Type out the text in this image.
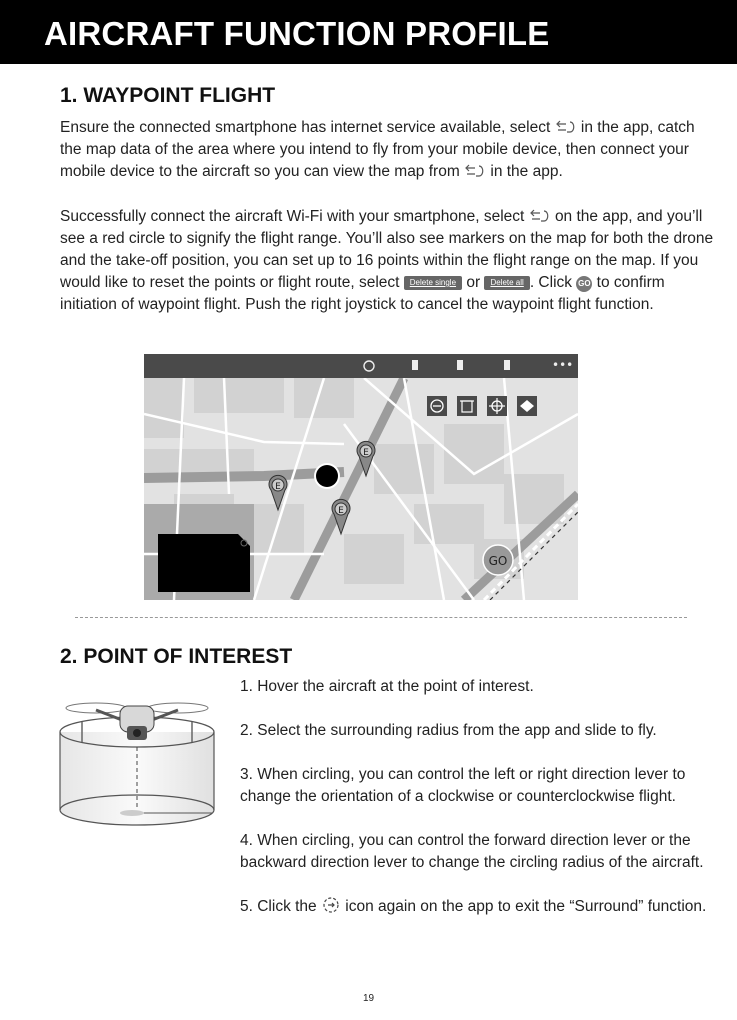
AIRCRAFT FUNCTION PROFILE
1. WAYPOINT FLIGHT

Ensure the connected smartphone has internet service available, select in the app, catch the map data of the area where you intend to fly from your mobile device, then connect your mobile device to the aircraft so you can view the map from in the app.

Successfully connect the aircraft Wi-Fi with your smartphone, select on the app, and you’ll see a red circle to signify the flight range. You’ll also see markers on the map for both the drone and the take-off position, you can set up to 16 points within the flight range on the map. If you would like to reset the points or flight route, select Delete single or Delete all . Click GO to confirm initiation of waypoint flight. Push the right joystick to cancel the waypoint flight function.

•••
E
E
E
GO
2. POINT OF INTEREST

1. Hover the aircraft at the point of interest.

2. Select the surrounding radius from the app and slide to fly.

3. When circling, you can control the left or right direction lever to change the orientation of a clockwise or counterclockwise flight.

4. When circling, you can control the forward direction lever or the backward direction lever to change the circling radius of the aircraft.

5. Click the icon again on the app to exit the “Surround” function.

19
